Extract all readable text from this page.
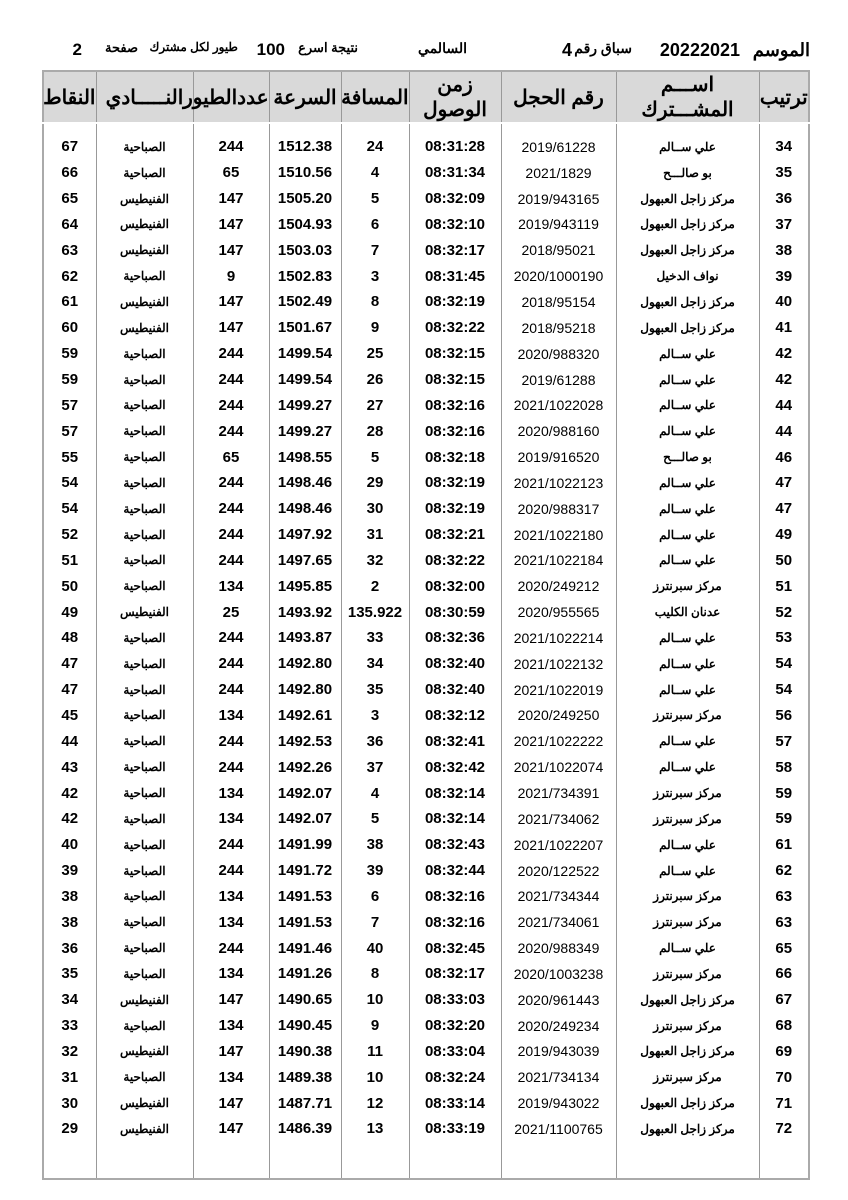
الموسم
20222021
سباق رقم
4
السالمي
نتيجة اسرع
100
طيور لكل مشترك
صفحة
2
ترتيب	اســـم المشـــترك	رقم الحجل	زمن الوصول	المسافة	السرعة	عددالطيور	النـــــادي	النقاط
34	علي ســالم	2019/61228	08:31:28	24	1512.38	244	الصباحية	67
35	بو صالـــح	2021/1829	08:31:34	4	1510.56	65	الصباحية	66
36	مركز زاجل العبهول	2019/943165	08:32:09	5	1505.20	147	الفنيطيس	65
37	مركز زاجل العبهول	2019/943119	08:32:10	6	1504.93	147	الفنيطيس	64
38	مركز زاجل العبهول	2018/95021	08:32:17	7	1503.03	147	الفنيطيس	63
39	نواف الدخيل	2020/1000190	08:31:45	3	1502.83	9	الصباحية	62
40	مركز زاجل العبهول	2018/95154	08:32:19	8	1502.49	147	الفنيطيس	61
41	مركز زاجل العبهول	2018/95218	08:32:22	9	1501.67	147	الفنيطيس	60
42	علي ســالم	2020/988320	08:32:15	25	1499.54	244	الصباحية	59
42	علي ســالم	2019/61288	08:32:15	26	1499.54	244	الصباحية	59
44	علي ســالم	2021/1022028	08:32:16	27	1499.27	244	الصباحية	57
44	علي ســالم	2020/988160	08:32:16	28	1499.27	244	الصباحية	57
46	بو صالـــح	2019/916520	08:32:18	5	1498.55	65	الصباحية	55
47	علي ســالم	2021/1022123	08:32:19	29	1498.46	244	الصباحية	54
47	علي ســالم	2020/988317	08:32:19	30	1498.46	244	الصباحية	54
49	علي ســالم	2021/1022180	08:32:21	31	1497.92	244	الصباحية	52
50	علي ســالم	2021/1022184	08:32:22	32	1497.65	244	الصباحية	51
51	مركز سبرنترز	2020/249212	08:32:00	2	1495.85	134	الصباحية	50
52	عدنان الكليب	2020/955565	08:30:59	135.922	1493.92	25	الفنيطيس	49
53	علي ســالم	2021/1022214	08:32:36	33	1493.87	244	الصباحية	48
54	علي ســالم	2021/1022132	08:32:40	34	1492.80	244	الصباحية	47
54	علي ســالم	2021/1022019	08:32:40	35	1492.80	244	الصباحية	47
56	مركز سبرنترز	2020/249250	08:32:12	3	1492.61	134	الصباحية	45
57	علي ســالم	2021/1022222	08:32:41	36	1492.53	244	الصباحية	44
58	علي ســالم	2021/1022074	08:32:42	37	1492.26	244	الصباحية	43
59	مركز سبرنترز	2021/734391	08:32:14	4	1492.07	134	الصباحية	42
59	مركز سبرنترز	2021/734062	08:32:14	5	1492.07	134	الصباحية	42
61	علي ســالم	2021/1022207	08:32:43	38	1491.99	244	الصباحية	40
62	علي ســالم	2020/122522	08:32:44	39	1491.72	244	الصباحية	39
63	مركز سبرنترز	2021/734344	08:32:16	6	1491.53	134	الصباحية	38
63	مركز سبرنترز	2021/734061	08:32:16	7	1491.53	134	الصباحية	38
65	علي ســالم	2020/988349	08:32:45	40	1491.46	244	الصباحية	36
66	مركز سبرنترز	2020/1003238	08:32:17	8	1491.26	134	الصباحية	35
67	مركز زاجل العبهول	2020/961443	08:33:03	10	1490.65	147	الفنيطيس	34
68	مركز سبرنترز	2020/249234	08:32:20	9	1490.45	134	الصباحية	33
69	مركز زاجل العبهول	2019/943039	08:33:04	11	1490.38	147	الفنيطيس	32
70	مركز سبرنترز	2021/734134	08:32:24	10	1489.38	134	الصباحية	31
71	مركز زاجل العبهول	2019/943022	08:33:14	12	1487.71	147	الفنيطيس	30
72	مركز زاجل العبهول	2021/1100765	08:33:19	13	1486.39	147	الفنيطيس	29
